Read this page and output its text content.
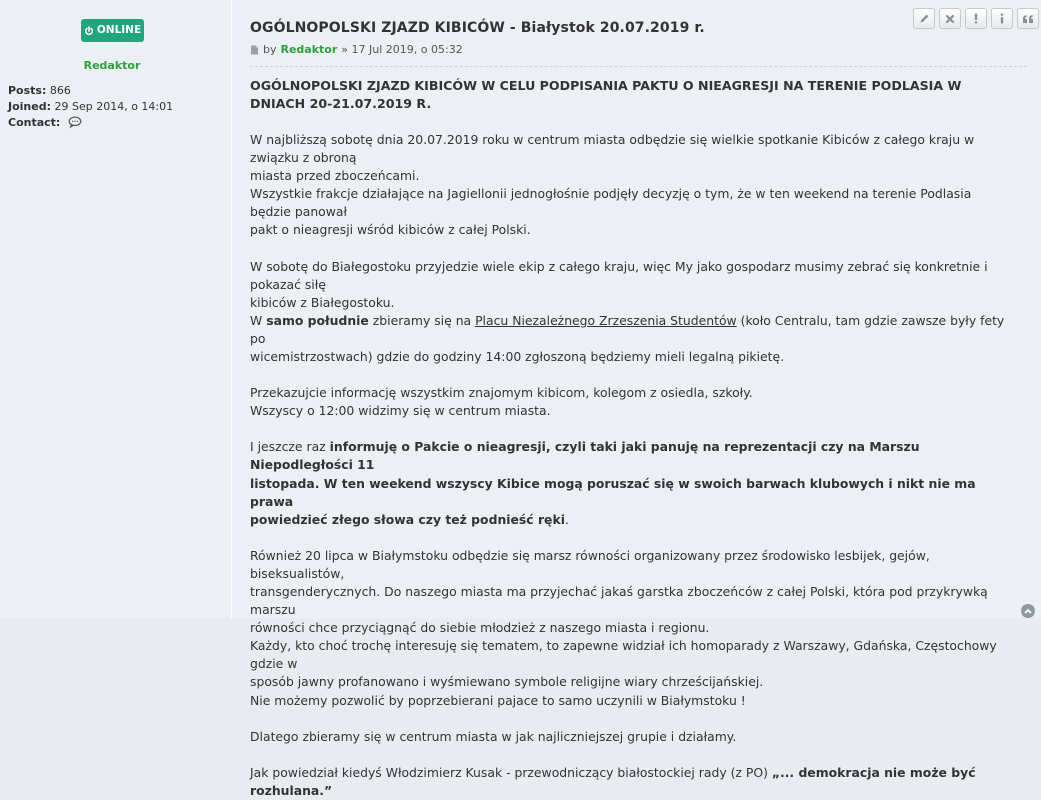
ONLINE
Redaktor
Posts: 866
Joined: 29 Sep 2014, o 14:01
Contact:
OGÓLNOPOLSKI ZJAZD KIBICÓW - Białystok 20.07.2019 r.
by Redaktor » 17 Jul 2019, o 05:32

OGÓLNOPOLSKI ZJAZD KIBICÓW W CELU PODPISANIA PAKTU O NIEAGRESJI NA TERENIE PODLASIA W DNIACH 20-21.07.2019 R.

W najbliższą sobotę dnia 20.07.2019 roku w centrum miasta odbędzie się wielkie spotkanie Kibiców z całego kraju w związku z obroną

miasta przed zboczeńcami.

Wszystkie frakcje działające na Jagiellonii jednogłośnie podjęły decyzję o tym, że w ten weekend na terenie Podlasia będzie panował

pakt o nieagresji wśród kibiców z całej Polski.

W sobotę do Białegostoku przyjedzie wiele ekip z całego kraju, więc My jako gospodarz musimy zebrać się konkretnie i pokazać siłę

kibiców z Białegostoku.

W samo południe zbieramy się na Placu Niezależnego Zrzeszenia Studentów (koło Centralu, tam gdzie zawsze były fety po

wicemistrzostwach) gdzie do godziny 14:00 zgłoszoną będziemy mieli legalną pikietę.

Przekazujcie informację wszystkim znajomym kibicom, kolegom z osiedla, szkoły.

Wszyscy o 12:00 widzimy się w centrum miasta.

I jeszcze raz informuję o Pakcie o nieagresji, czyli taki jaki panuję na reprezentacji czy na Marszu Niepodległości 11

listopada. W ten weekend wszyscy Kibice mogą poruszać się w swoich barwach klubowych i nikt nie ma prawa

powiedzieć złego słowa czy też podnieść ręki.

Również 20 lipca w Białymstoku odbędzie się marsz równości organizowany przez środowisko lesbijek, gejów, biseksualistów,

transgenderycznych. Do naszego miasta ma przyjechać jakaś garstka zboczeńców z całej Polski, która pod przykrywką marszu

równości chce przyciągnąć do siebie młodzież z naszego miasta i regionu.

Każdy, kto choć trochę interesuję się tematem, to zapewne widział ich homoparady z Warszawy, Gdańska, Częstochowy gdzie w

sposób jawny profanowano i wyśmiewano symbole religijne wiary chrześcijańskiej.

Nie możemy pozwolić by poprzebierani pajace to samo uczynili w Białymstoku !

Dlatego zbieramy się w centrum miasta w jak najliczniejszej grupie i działamy.

Jak powiedział kiedyś Włodzimierz Kusak - przewodniczący białostockiej rady (z PO) „... demokracja nie może być rozhulana.”
